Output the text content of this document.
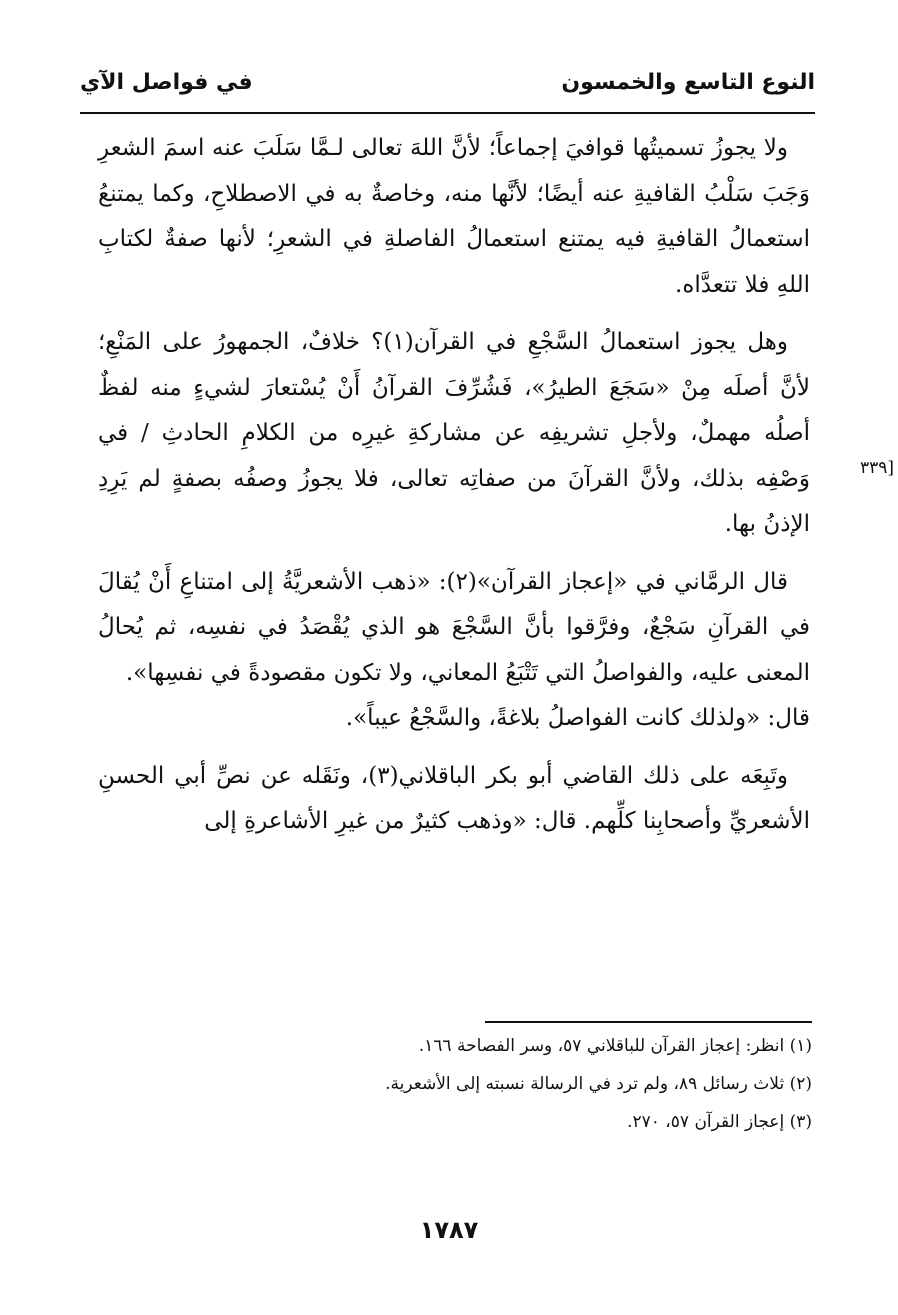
النوع التاسع والخمسون
في فواصل الآي

ولا يجوزُ تسميتُها قوافيَ إجماعاً؛ لأنَّ اللهَ تعالى لـمَّا سَلَبَ عنه اسمَ الشعرِ وَجَبَ سَلْبُ القافيةِ عنه أيضًا؛ لأنَّها منه، وخاصةٌ به في الاصطلاحِ، وكما يمتنعُ استعمالُ القافيةِ فيه يمتنع استعمالُ الفاصلةِ في الشعرِ؛ لأنها صفةٌ لكتابِ اللهِ فلا تتعدَّاه.

وهل يجوز استعمالُ السَّجْعِ في القرآن(١)؟ خلافٌ، الجمهورُ على المَنْعِ؛ لأنَّ أصلَه مِنْ «سَجَعَ الطيرُ»، فَشُرِّفَ القرآنُ أَنْ يُسْتعارَ لشيءٍ منه لفظٌ أصلُه مهملٌ، ولأجلِ تشريفِه عن مشاركةِ غيرِه من الكلامِ الحادثِ / في وَصْفِه بذلك، ولأنَّ القرآنَ من صفاتِه تعالى، فلا يجوزُ وصفُه بصفةٍ لم يَرِدِ الإذنُ بها.

قال الرمَّاني في «إعجاز القرآن»(٢): «ذهب الأشعريَّةُ إلى امتناعِ أَنْ يُقالَ في القرآنِ سَجْعٌ، وفرَّقوا بأنَّ السَّجْعَ هو الذي يُقْصَدُ في نفسِه، ثم يُحالُ المعنى عليه، والفواصلُ التي تَتْبَعُ المعاني، ولا تكون مقصودةً في نفسِها».

قال: «ولذلك كانت الفواصلُ بلاغةً، والسَّجْعُ عيباً».

وتَبِعَه على ذلك القاضي أبو بكر الباقلاني(٣)، ونَقَله عن نصِّ أبي الحسنِ الأشعريِّ وأصحابِنا كلِّهم. قال: «وذهب كثيرٌ من غيرِ الأشاعرةِ إلى

[٣٣٩
(١) انظر: إعجاز القرآن للباقلاني ٥٧، وسر الفصاحة ١٦٦.
(٢) ثلاث رسائل ٨٩، ولم ترد في الرسالة نسبته إلى الأشعرية.
(٣) إعجاز القرآن ٥٧، ٢٧٠.
١٧٨٧
